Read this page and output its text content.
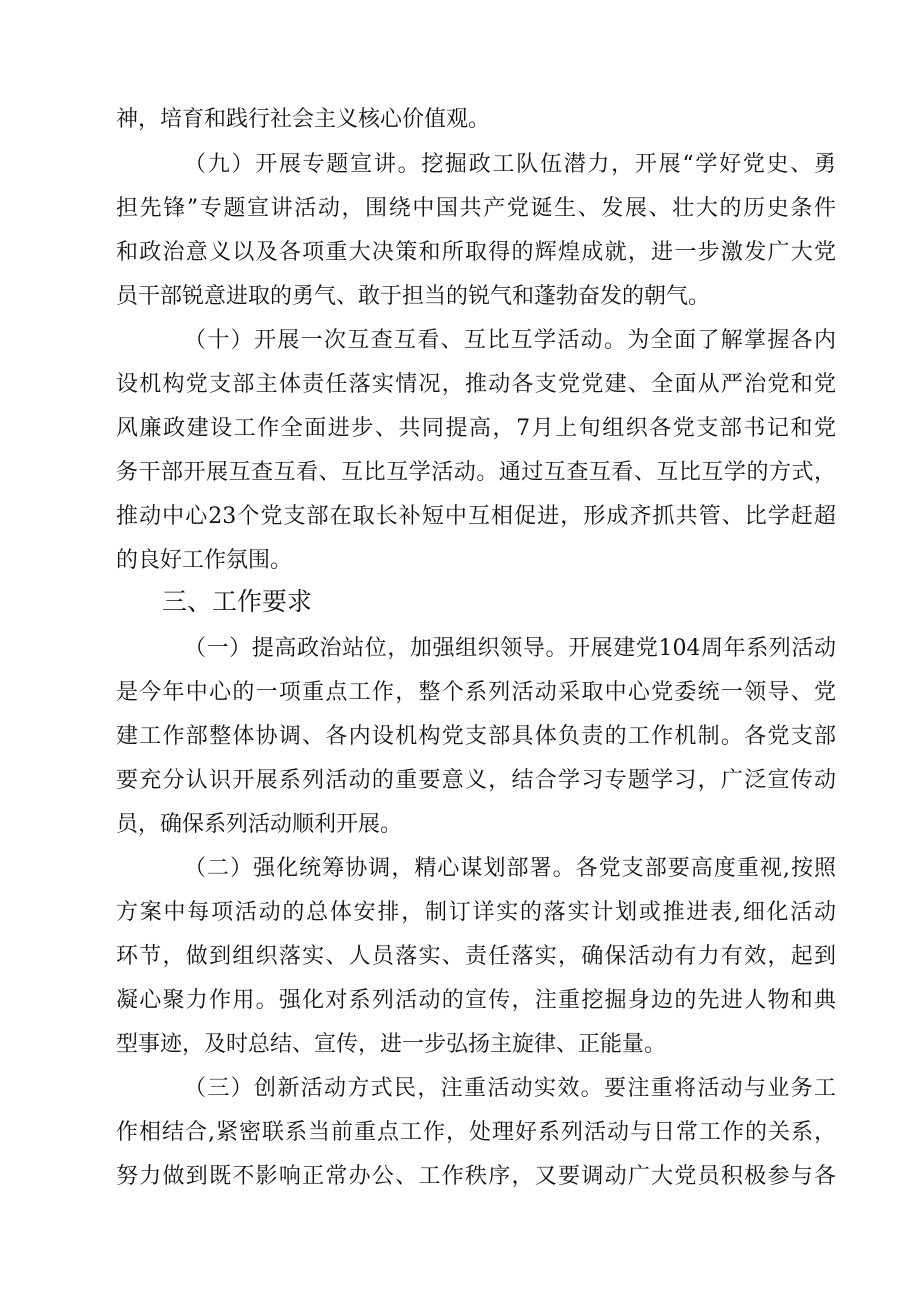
神，培育和践行社会主义核心价值观。
（九）开展专题宣讲。挖掘政工队伍潜力，开展“学好党史、勇
担先锋”专题宣讲活动，围绕中国共产党诞生、发展、壮大的历史条件
和政治意义以及各项重大决策和所取得的辉煌成就，进一步激发广大党
员干部锐意进取的勇气、敢于担当的锐气和蓬勃奋发的朝气。
（十）开展一次互查互看、互比互学活动。为全面了解掌握各内
设机构党支部主体责任落实情况，推动各支党党建、全面从严治党和党
风廉政建设工作全面进步、共同提高，7月上旬组织各党支部书记和党
务干部开展互查互看、互比互学活动。通过互查互看、互比互学的方式，
推动中心23个党支部在取长补短中互相促进，形成齐抓共管、比学赶超
的良好工作氛围。
三、工作要求
（一）提高政治站位，加强组织领导。开展建党104周年系列活动
是今年中心的一项重点工作，整个系列活动采取中心党委统一领导、党
建工作部整体协调、各内设机构党支部具体负责的工作机制。各党支部
要充分认识开展系列活动的重要意义，结合学习专题学习，广泛宣传动
员，确保系列活动顺利开展。
（二）强化统筹协调，精心谋划部署。各党支部要高度重视,按照
方案中每项活动的总体安排，制订详实的落实计划或推进表,细化活动
环节，做到组织落实、人员落实、责任落实，确保活动有力有效，起到
凝心聚力作用。强化对系列活动的宣传，注重挖掘身边的先进人物和典
型事迹，及时总结、宣传，进一步弘扬主旋律、正能量。
（三）创新活动方式民，注重活动实效。要注重将活动与业务工
作相结合,紧密联系当前重点工作，处理好系列活动与日常工作的关系，
努力做到既不影响正常办公、工作秩序，又要调动广大党员积极参与各
